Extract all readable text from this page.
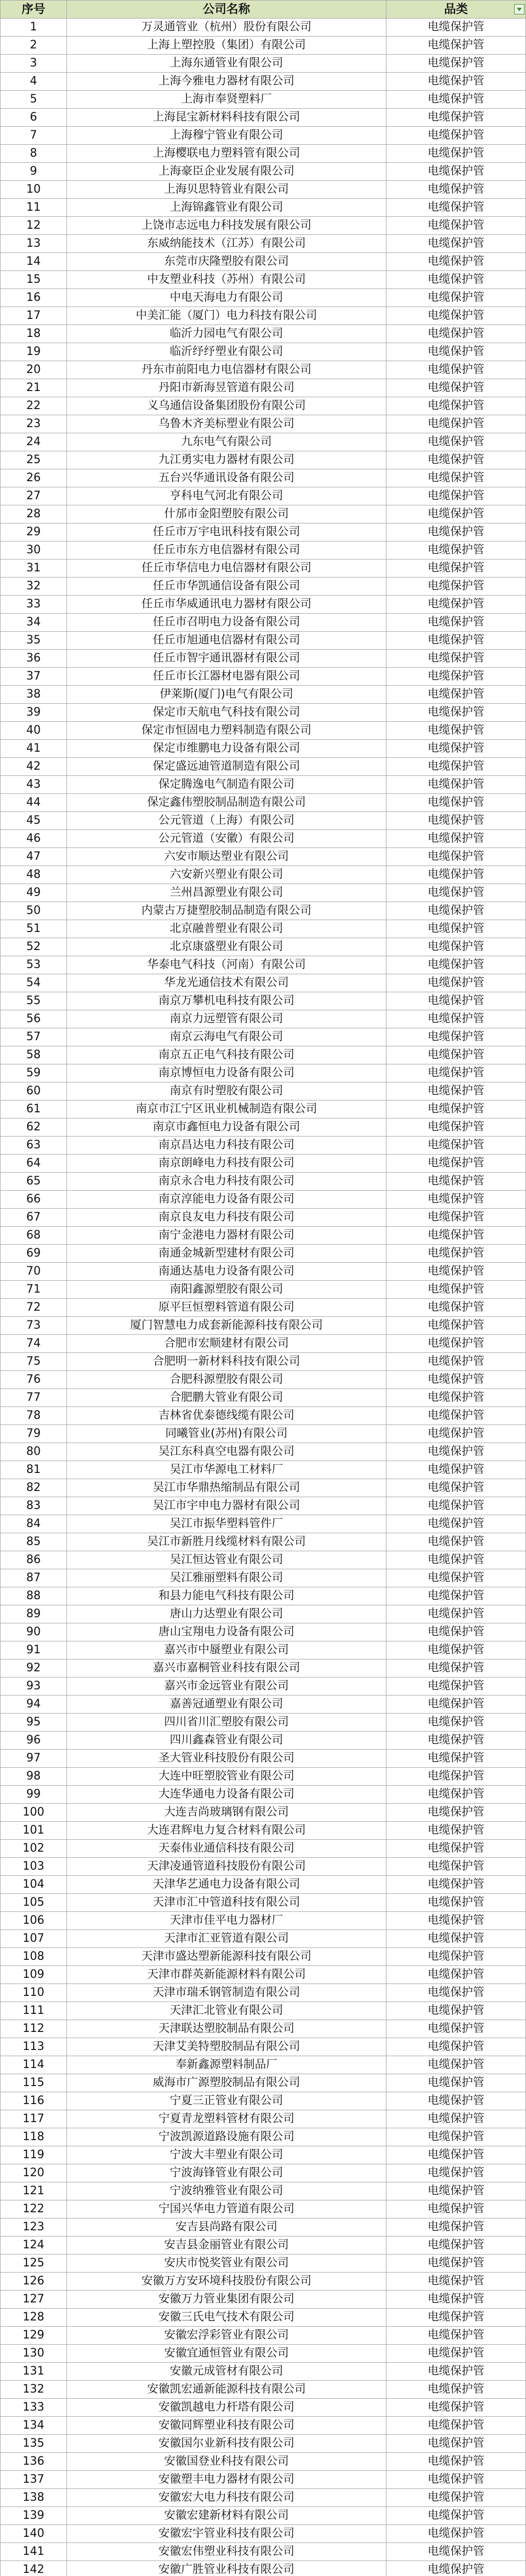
序号	公司名称	品类
1	万灵通管业（杭州）股份有限公司	电缆保护管
2	上海上塑控股（集团）有限公司	电缆保护管
3	上海东通管业有限公司	电缆保护管
4	上海今雅电力器材有限公司	电缆保护管
5	上海市奉贤塑料厂	电缆保护管
6	上海昆宝新材料科技有限公司	电缆保护管
7	上海穆宁管业有限公司	电缆保护管
8	上海樱联电力塑料管有限公司	电缆保护管
9	上海豪臣企业发展有限公司	电缆保护管
10	上海贝思特管业有限公司	电缆保护管
11	上海锦鑫管业有限公司	电缆保护管
12	上饶市志远电力科技发展有限公司	电缆保护管
13	东威纳能技术（江苏）有限公司	电缆保护管
14	东莞市庆隆塑胶有限公司	电缆保护管
15	中友塑业科技（苏州）有限公司	电缆保护管
16	中电天海电力有限公司	电缆保护管
17	中美汇能（厦门）电力科技有限公司	电缆保护管
18	临沂力园电气有限公司	电缆保护管
19	临沂纾纾塑业有限公司	电缆保护管
20	丹东市前阳电力电信器材有限公司	电缆保护管
21	丹阳市新海昱管道有限公司	电缆保护管
22	义乌通信设备集团股份有限公司	电缆保护管
23	乌鲁木齐美标塑业有限公司	电缆保护管
24	九东电气有限公司	电缆保护管
25	九江勇实电力器材有限公司	电缆保护管
26	五台兴华通讯设备有限公司	电缆保护管
27	亨科电气河北有限公司	电缆保护管
28	什邡市金阳塑胶有限公司	电缆保护管
29	任丘市万宇电讯科技有限公司	电缆保护管
30	任丘市东方电信器材有限公司	电缆保护管
31	任丘市华信电力电信器材有限公司	电缆保护管
32	任丘市华凯通信设备有限公司	电缆保护管
33	任丘市华威通讯电力器材有限公司	电缆保护管
34	任丘市召明电力设备有限公司	电缆保护管
35	任丘市旭通电信器材有限公司	电缆保护管
36	任丘市智宇通讯器材有限公司	电缆保护管
37	任丘市长江器材电器有限公司	电缆保护管
38	伊莱斯(厦门)电气有限公司	电缆保护管
39	保定市天航电气科技有限公司	电缆保护管
40	保定市恒固电力塑料制造有限公司	电缆保护管
41	保定市维鹏电力设备有限公司	电缆保护管
42	保定盛远迪管道制造有限公司	电缆保护管
43	保定腾逸电气制造有限公司	电缆保护管
44	保定鑫伟塑胶制品制造有限公司	电缆保护管
45	公元管道（上海）有限公司	电缆保护管
46	公元管道（安徽）有限公司	电缆保护管
47	六安市顺达塑业有限公司	电缆保护管
48	六安新兴塑业有限公司	电缆保护管
49	兰州昌源塑业有限公司	电缆保护管
50	内蒙古万捷塑胶制品制造有限公司	电缆保护管
51	北京融普塑业有限公司	电缆保护管
52	北京康盛塑业有限公司	电缆保护管
53	华泰电气科技（河南）有限公司	电缆保护管
54	华龙光通信技术有限公司	电缆保护管
55	南京万攀机电科技有限公司	电缆保护管
56	南京力远塑管有限公司	电缆保护管
57	南京云海电气有限公司	电缆保护管
58	南京五正电气科技有限公司	电缆保护管
59	南京博恒电力设备有限公司	电缆保护管
60	南京有时塑胶有限公司	电缆保护管
61	南京市江宁区讯业机械制造有限公司	电缆保护管
62	南京市鑫恒电力设备有限公司	电缆保护管
63	南京昌达电力科技有限公司	电缆保护管
64	南京朗峰电力科技有限公司	电缆保护管
65	南京永合电力科技有限公司	电缆保护管
66	南京淳能电力设备有限公司	电缆保护管
67	南京良友电力科技有限公司	电缆保护管
68	南宁金港电力器材有限公司	电缆保护管
69	南通金城新型建材有限公司	电缆保护管
70	南通达基电力设备有限公司	电缆保护管
71	南阳鑫源塑胶有限公司	电缆保护管
72	原平巨恒塑料管道有限公司	电缆保护管
73	厦门智慧电力成套新能源科技有限公司	电缆保护管
74	合肥市宏顺建材有限公司	电缆保护管
75	合肥明一新材料科技有限公司	电缆保护管
76	合肥科源塑胶有限公司	电缆保护管
77	合肥鹏大管业有限公司	电缆保护管
78	吉林省优泰德线缆有限公司	电缆保护管
79	同曦管业(苏州)有限公司	电缆保护管
80	吴江东科真空电器有限公司	电缆保护管
81	吴江市华源电工材料厂	电缆保护管
82	吴江市华鼎热缩制品有限公司	电缆保护管
83	吴江市宇申电力器材有限公司	电缆保护管
84	吴江市振华塑料管件厂	电缆保护管
85	吴江市新胜月线缆材料有限公司	电缆保护管
86	吴江恒达管业有限公司	电缆保护管
87	吴江雅丽塑料有限公司	电缆保护管
88	和县力能电气科技有限公司	电缆保护管
89	唐山力达塑业有限公司	电缆保护管
90	唐山宝翔电力设备有限公司	电缆保护管
91	嘉兴市中蜃塑业有限公司	电缆保护管
92	嘉兴市嘉桐管业科技有限公司	电缆保护管
93	嘉兴市金远管业有限公司	电缆保护管
94	嘉善冠通塑业有限公司	电缆保护管
95	四川省川汇塑胶有限公司	电缆保护管
96	四川鑫森管业有限公司	电缆保护管
97	圣大管业科技股份有限公司	电缆保护管
98	大连中旺塑胶管业有限公司	电缆保护管
99	大连华通电力设备有限公司	电缆保护管
100	大连吉尚玻璃钢有限公司	电缆保护管
101	大连君辉电力复合材料有限公司	电缆保护管
102	天泰伟业通信科技有限公司	电缆保护管
103	天津凌通管道科技股份有限公司	电缆保护管
104	天津华艺通电力设备有限公司	电缆保护管
105	天津市汇中管道科技有限公司	电缆保护管
106	天津市佳平电力器材厂	电缆保护管
107	天津市汇亚管道有限公司	电缆保护管
108	天津市盛达塑新能源科技有限公司	电缆保护管
109	天津市群英新能源材料有限公司	电缆保护管
110	天津市瑞禾钢管制造有限公司	电缆保护管
111	天津汇北管业有限公司	电缆保护管
112	天津联达塑胶制品有限公司	电缆保护管
113	天津艾美特塑胶制品有限公司	电缆保护管
114	奉新鑫源塑料制品厂	电缆保护管
115	威海市广源塑胶制品有限公司	电缆保护管
116	宁夏三正管业有限公司	电缆保护管
117	宁夏青龙塑料管材有限公司	电缆保护管
118	宁波凯源道路设施有限公司	电缆保护管
119	宁波大丰塑业有限公司	电缆保护管
120	宁波海锋管业有限公司	电缆保护管
121	宁波纳雅管业有限公司	电缆保护管
122	宁国兴华电力管道有限公司	电缆保护管
123	安吉县尚路有限公司	电缆保护管
124	安吉县金丽管业有限公司	电缆保护管
125	安庆市悦奖管业有限公司	电缆保护管
126	安徽万方安环境科技股份有限公司	电缆保护管
127	安徽万力管业集团有限公司	电缆保护管
128	安徽三氏电气技术有限公司	电缆保护管
129	安徽宏浮彩管业有限公司	电缆保护管
130	安徽宜通恒管业有限公司	电缆保护管
131	安徽元成管材有限公司	电缆保护管
132	安徽凯宏通新能源科技有限公司	电缆保护管
133	安徽凯越电力杆塔有限公司	电缆保护管
134	安徽同辉塑业科技有限公司	电缆保护管
135	安徽国尔业新科技有限公司	电缆保护管
136	安徽国登业科技有限公司	电缆保护管
137	安徽塑丰电力器材有限公司	电缆保护管
138	安徽宏大电力科技有限公司	电缆保护管
139	安徽宏建新材料有限公司	电缆保护管
140	安徽宏宇管业科技有限公司	电缆保护管
141	安徽宏伟塑业科技有限公司	电缆保护管
142	安徽广胜管业科技有限公司	电缆保护管
